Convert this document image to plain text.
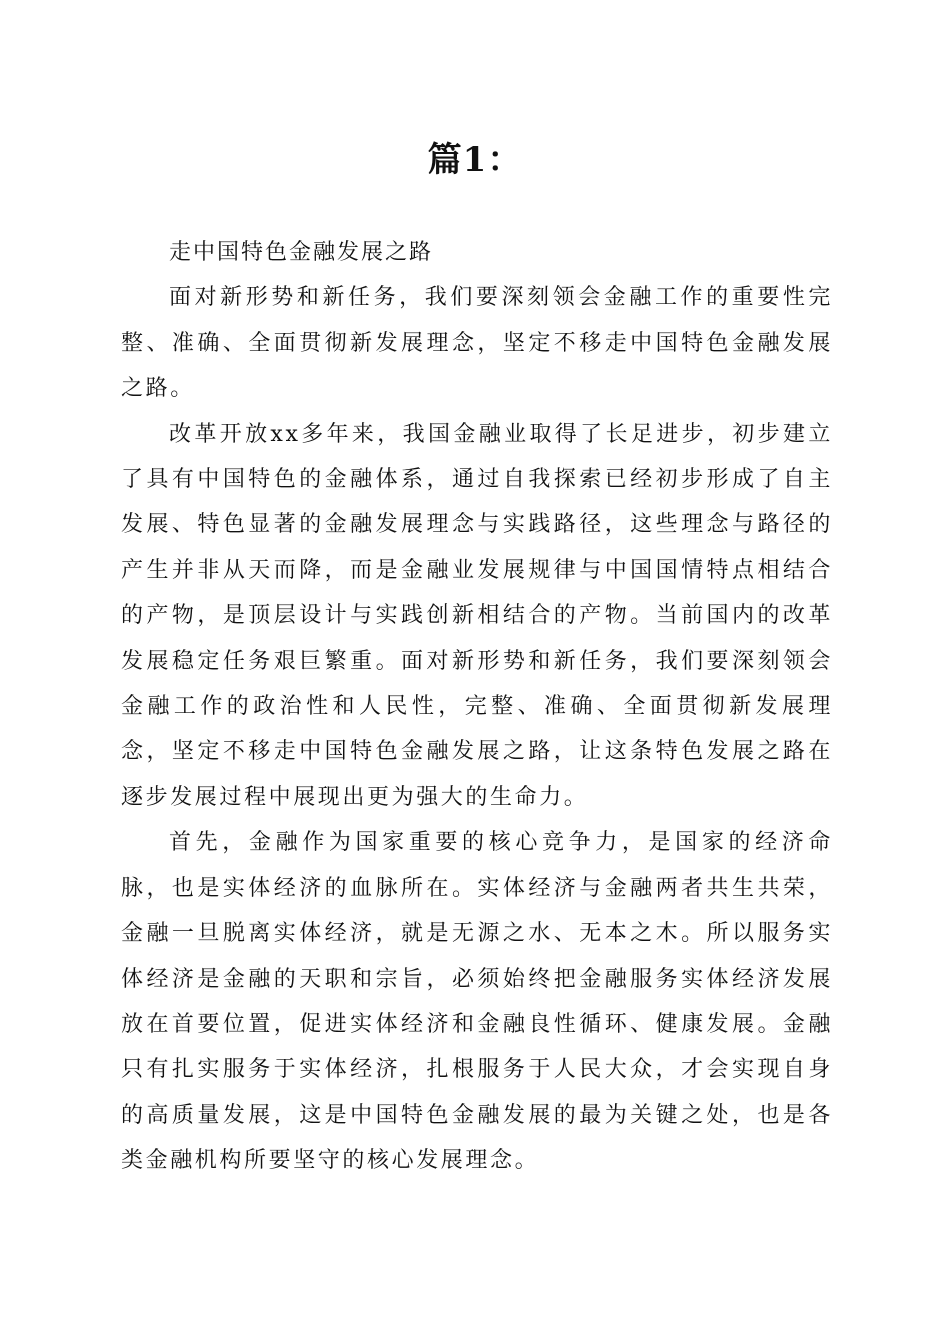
篇1：

走中国特色金融发展之路

面对新形势和新任务，我们要深刻领会金融工作的重要性完整、准确、全面贯彻新发展理念，坚定不移走中国特色金融发展之路。

改革开放xx多年来，我国金融业取得了长足进步，初步建立了具有中国特色的金融体系，通过自我探索已经初步形成了自主发展、特色显著的金融发展理念与实践路径，这些理念与路径的产生并非从天而降，而是金融业发展规律与中国国情特点相结合的产物，是顶层设计与实践创新相结合的产物。当前国内的改革发展稳定任务艰巨繁重。面对新形势和新任务，我们要深刻领会金融工作的政治性和人民性，完整、准确、全面贯彻新发展理念，坚定不移走中国特色金融发展之路，让这条特色发展之路在逐步发展过程中展现出更为强大的生命力。

首先，金融作为国家重要的核心竞争力，是国家的经济命脉，也是实体经济的血脉所在。实体经济与金融两者共生共荣，金融一旦脱离实体经济，就是无源之水、无本之木。所以服务实体经济是金融的天职和宗旨，必须始终把金融服务实体经济发展放在首要位置，促进实体经济和金融良性循环、健康发展。金融只有扎实服务于实体经济，扎根服务于人民大众，才会实现自身的高质量发展，这是中国特色金融发展的最为关键之处，也是各类金融机构所要坚守的核心发展理念。
